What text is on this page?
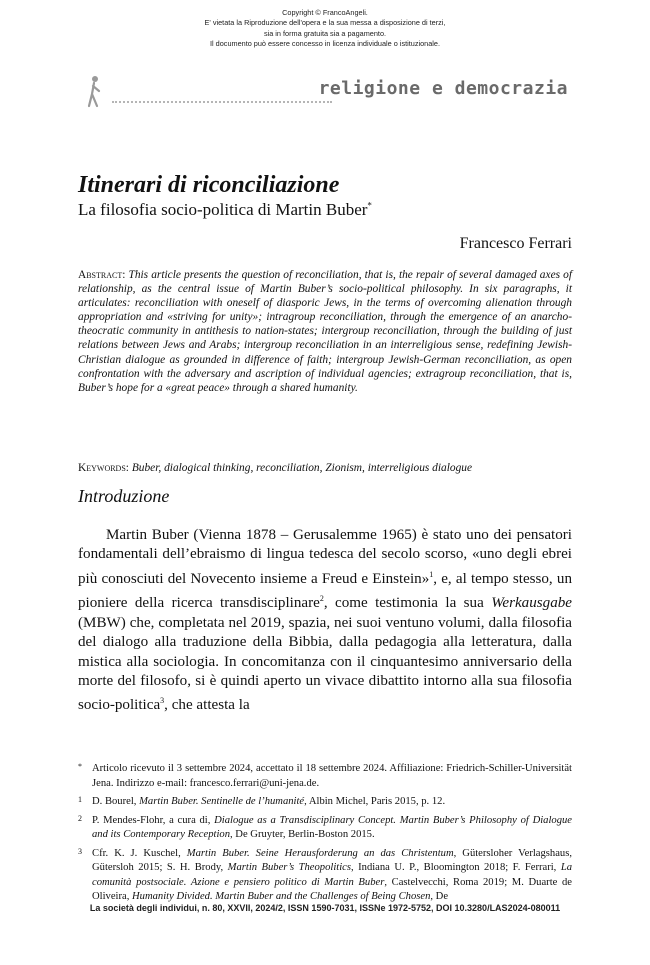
Copyright © FrancoAngeli.
E' vietata la Riproduzione dell'opera e la sua messa a disposizione di terzi,
sia in forma gratuita sia a pagamento.
Il documento può essere concesso in licenza individuale o istituzionale.
religione e democrazia
Itinerari di riconciliazione
La filosofia socio-politica di Martin Buber*
Francesco Ferrari
Abstract: This article presents the question of reconciliation, that is, the repair of several damaged axes of relationship, as the central issue of Martin Buber’s socio-political philosophy. In six paragraphs, it articulates: reconciliation with oneself of diasporic Jews, in the terms of overcoming alienation through appropriation and «striving for unity»; intragroup reconciliation, through the emergence of an anarcho-theocratic community in antithesis to nation-states; intergroup reconciliation, through the building of just relations between Jews and Arabs; intergroup reconciliation in an interreligious sense, redefining Jewish-Christian dialogue as grounded in difference of faith; intergroup Jewish-German reconciliation, as open confrontation with the adversary and ascription of individual agencies; extragroup reconciliation, that is, Buber’s hope for a «great peace» through a shared humanity.
Keywords: Buber, dialogical thinking, reconciliation, Zionism, interreligious dialogue
Introduzione
Martin Buber (Vienna 1878 – Gerusalemme 1965) è stato uno dei pensatori fondamentali dell’ebraismo di lingua tedesca del secolo scorso, «uno degli ebrei più conosciuti del Novecento insieme a Freud e Einstein»$^1$, e, al tempo stesso, un pioniere della ricerca transdisciplinare$^2$, come testimonia la sua Werkausgabe (MBW) che, completata nel 2019, spazia, nei suoi ventuno volumi, dalla filosofia del dialogo alla traduzione della Bibbia, dalla pedagogia alla letteratura, dalla mistica alla sociologia. In concomitanza con il cinquantesimo anniversario della morte del filosofo, si è quindi aperto un vivace dibattito intorno alla sua filosofia socio-politica$^3$, che attesta la
* Articolo ricevuto il 3 settembre 2024, accettato il 18 settembre 2024. Affiliazione: Friedrich-Schiller-Universität Jena. Indirizzo e-mail: francesco.ferrari@uni-jena.de.
1 D. Bourel, Martin Buber. Sentinelle de l’humanité, Albin Michel, Paris 2015, p. 12.
2 P. Mendes-Flohr, a cura di, Dialogue as a Transdisciplinary Concept. Martin Buber’s Philosophy of Dialogue and its Contemporary Reception, De Gruyter, Berlin-Boston 2015.
3 Cfr. K. J. Kuschel, Martin Buber. Seine Herausforderung an das Christentum, Gütersloher Verlagshaus, Gütersloh 2015; S. H. Brody, Martin Buber’s Theopolitics, Indiana U. P., Bloomington 2018; F. Ferrari, La comunità postsociale. Azione e pensiero politico di Martin Buber, Castelvecchi, Roma 2019; M. Duarte de Oliveira, Humanity Divided. Martin Buber and the Challenges of Being Chosen, De
La società degli individui, n. 80, XXVII, 2024/2, ISSN 1590-7031, ISSNe 1972-5752, DOI 10.3280/LAS2024-080011
